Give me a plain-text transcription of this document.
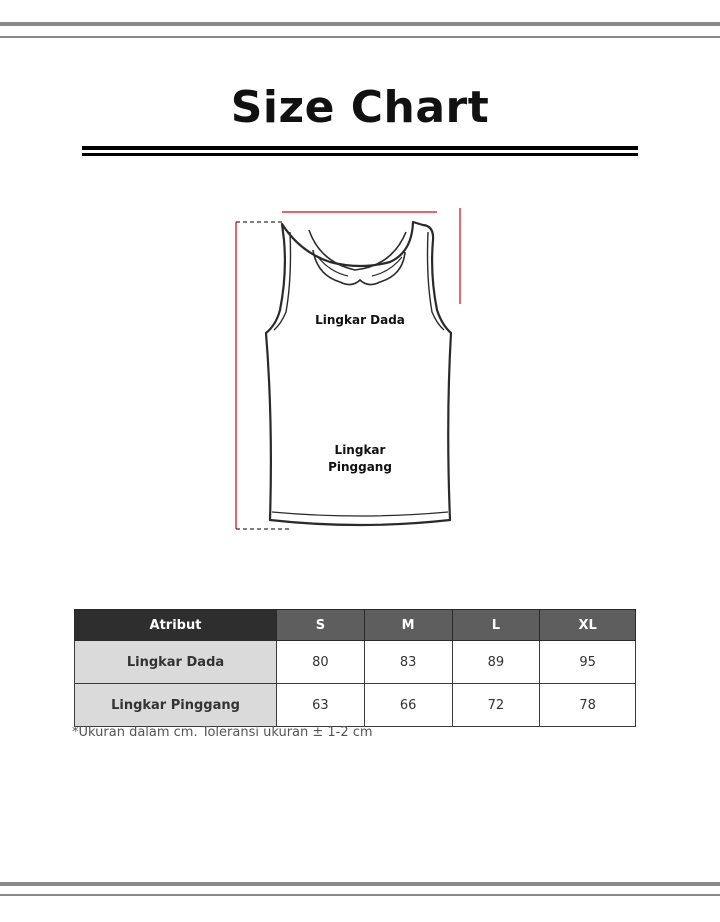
Size Chart
Lingkar Dada
Lingkar
Pinggang
Atribut	S	M	L	XL
Lingkar Dada	80	83	89	95
Lingkar Pinggang	63	66	72	78
*Ukuran dalam cm. Toleransi ukuran ± 1-2 cm
